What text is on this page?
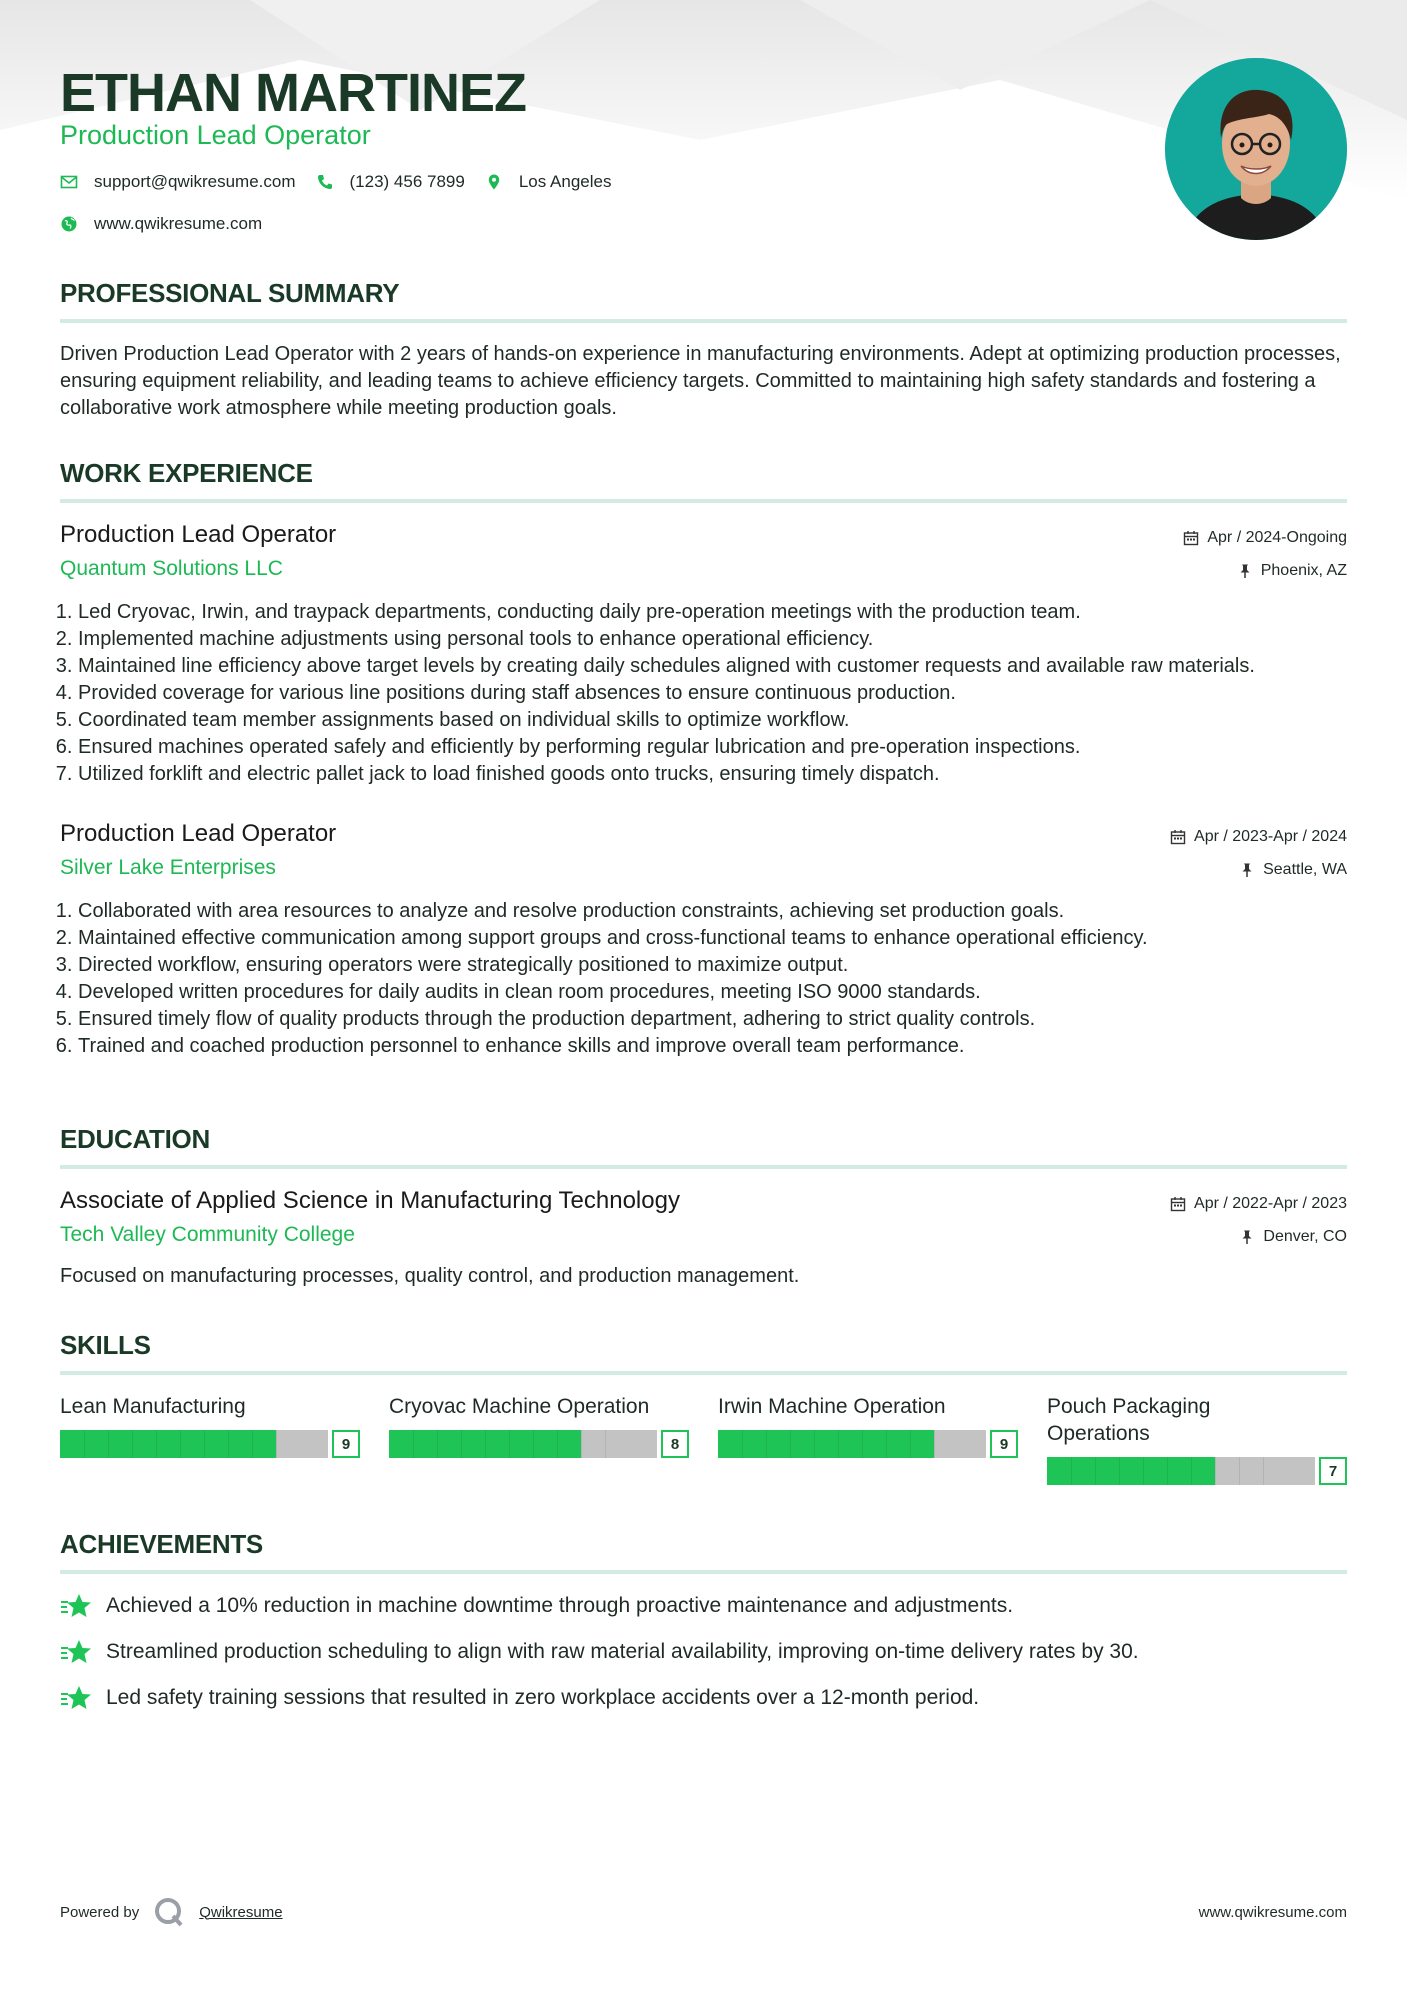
ETHAN MARTINEZ

Production Lead Operator

support@qwikresume.com	(123) 456 7899	Los Angeles
www.qwikresume.com
PROFESSIONAL SUMMARY

Driven Production Lead Operator with 2 years of hands-on experience in manufacturing environments. Adept at optimizing production processes, ensuring equipment reliability, and leading teams to achieve efficiency targets. Committed to maintaining high safety standards and fostering a collaborative work atmosphere while meeting production goals.

WORK EXPERIENCE

Production Lead Operator

Quantum Solutions LLC

Apr / 2024-Ongoing
Phoenix, AZ
1. Led Cryovac, Irwin, and traypack departments, conducting daily pre-operation meetings with the production team.
2. Implemented machine adjustments using personal tools to enhance operational efficiency.
3. Maintained line efficiency above target levels by creating daily schedules aligned with customer requests and available raw materials.
4. Provided coverage for various line positions during staff absences to ensure continuous production.
5. Coordinated team member assignments based on individual skills to optimize workflow.
6. Ensured machines operated safely and efficiently by performing regular lubrication and pre-operation inspections.
7. Utilized forklift and electric pallet jack to load finished goods onto trucks, ensuring timely dispatch.

Production Lead Operator

Silver Lake Enterprises

Apr / 2023-Apr / 2024
Seattle, WA
1. Collaborated with area resources to analyze and resolve production constraints, achieving set production goals.
2. Maintained effective communication among support groups and cross-functional teams to enhance operational efficiency.
3. Directed workflow, ensuring operators were strategically positioned to maximize output.
4. Developed written procedures for daily audits in clean room procedures, meeting ISO 9000 standards.
5. Ensured timely flow of quality products through the production department, adhering to strict quality controls.
6. Trained and coached production personnel to enhance skills and improve overall team performance.
EDUCATION

Associate of Applied Science in Manufacturing Technology

Tech Valley Community College

Apr / 2022-Apr / 2023
Denver, CO

Focused on manufacturing processes, quality control, and production management.

SKILLS

Lean Manufacturing

9

Cryovac Machine Operation

8

Irwin Machine Operation

9

Pouch Packaging Operations

7
ACHIEVEMENTS
Achieved a 10% reduction in machine downtime through proactive maintenance and adjustments.
Streamlined production scheduling to align with raw material availability, improving on-time delivery rates by 30.
Led safety training sessions that resulted in zero workplace accidents over a 12-month period.
Powered by	Qwikresume	www.qwikresume.com
